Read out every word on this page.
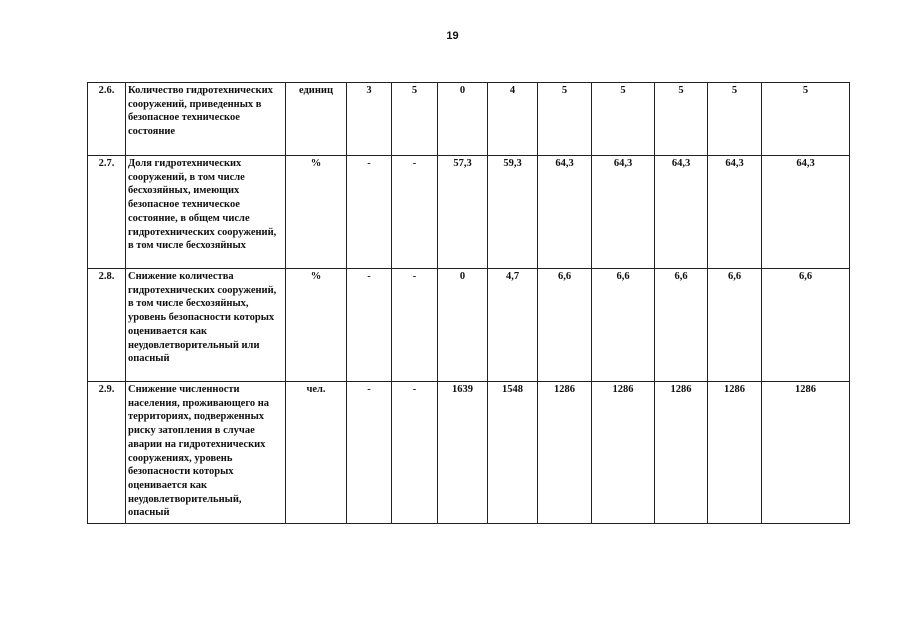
19
2.6.	Количество гидротехнических сооружений, приведенных в безопасное техническое состояние	единиц	3	5	0	4	5	5	5	5	5
2.7.	Доля гидротехнических сооружений, в том числе бесхозяйных, имеющих безопасное техническое состояние, в общем числе гидротехнических сооружений, в том числе бесхозяйных	%	-	-	57,3	59,3	64,3	64,3	64,3	64,3	64,3
2.8.	Снижение количества гидротехнических сооружений, в том числе бесхозяйных, уровень безопасности которых оценивается как неудовлетворительный или опасный	%	-	-	0	4,7	6,6	6,6	6,6	6,6	6,6
2.9.	Снижение численности населения, проживающего на территориях, подверженных риску затопления в случае аварии на гидротехнических сооружениях, уровень безопасности которых оценивается как неудовлетворительный, опасный	чел.	-	-	1639	1548	1286	1286	1286	1286	1286
